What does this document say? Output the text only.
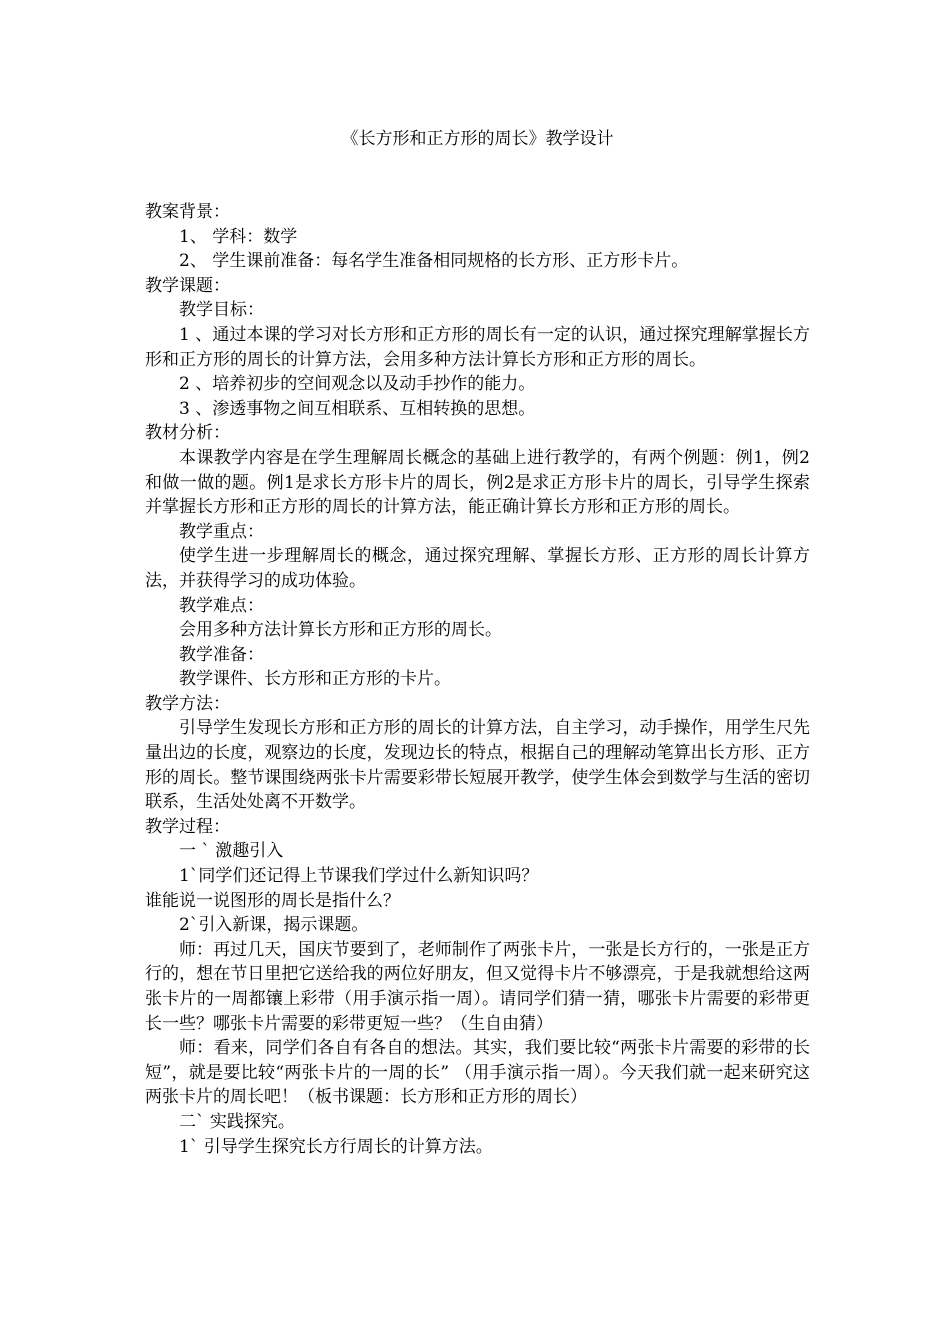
《长方形和正方形的周长》教学设计

教案背景：

1、 学科：数学

2、 学生课前准备：每名学生准备相同规格的长方形、正方形卡片。

教学课题：

教学目标：

1 、通过本课的学习对长方形和正方形的周长有一定的认识，通过探究理解掌握长方形和正方形的周长的计算方法，会用多种方法计算长方形和正方形的周长。

2 、培养初步的空间观念以及动手抄作的能力。

3 、渗透事物之间互相联系、互相转换的思想。

教材分析：

本课教学内容是在学生理解周长概念的基础上进行教学的，有两个例题：例1，例2和做一做的题。例1是求长方形卡片的周长，例2是求正方形卡片的周长，引导学生探索并掌握长方形和正方形的周长的计算方法，能正确计算长方形和正方形的周长。

教学重点：

使学生进一步理解周长的概念，通过探究理解、掌握长方形、正方形的周长计算方法，并获得学习的成功体验。

教学难点：

会用多种方法计算长方形和正方形的周长。

教学准备：

教学课件、长方形和正方形的卡片。

教学方法：

引导学生发现长方形和正方形的周长的计算方法，自主学习，动手操作，用学生尺先量出边的长度，观察边的长度，发现边长的特点，根据自己的理解动笔算出长方形、正方形的周长。整节课围绕两张卡片需要彩带长短展开教学，使学生体会到数学与生活的密切联系，生活处处离不开数学。

教学过程：

一 ` 激趣引入

1`同学们还记得上节课我们学过什么新知识吗？

谁能说一说图形的周长是指什么？

2`引入新课，揭示课题。

师：再过几天，国庆节要到了，老师制作了两张卡片，一张是长方行的，一张是正方行的，想在节日里把它送给我的两位好朋友，但又觉得卡片不够漂亮，于是我就想给这两张卡片的一周都镶上彩带（用手演示指一周）。请同学们猜一猜，哪张卡片需要的彩带更长一些？哪张卡片需要的彩带更短一些？（生自由猜）

师：看来，同学们各自有各自的想法。其实，我们要比较“两张卡片需要的彩带的长短”，就是要比较“两张卡片的一周的长” （用手演示指一周）。今天我们就一起来研究这两张卡片的周长吧！（板书课题：长方形和正方形的周长）

二` 实践探究。

1` 引导学生探究长方行周长的计算方法。
